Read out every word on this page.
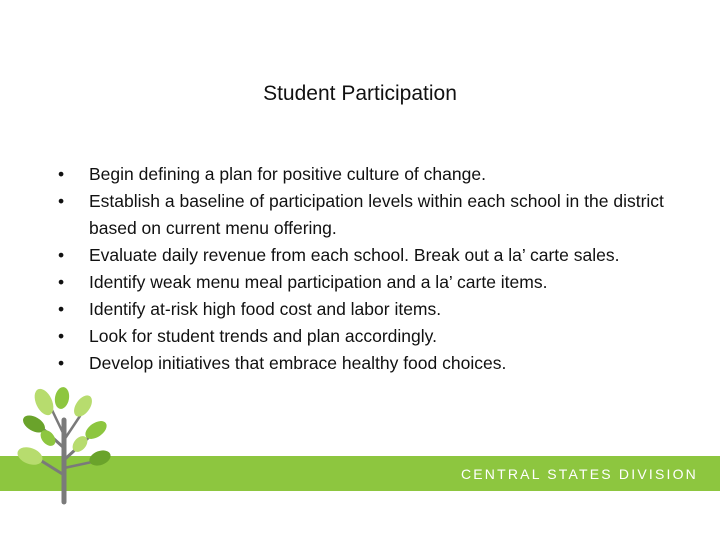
Student Participation
• Begin defining a plan for positive culture of change.
• Establish a baseline of participation levels within each school in the district based on current menu offering.
• Evaluate daily revenue from each school. Break out a la’ carte sales.
• Identify weak menu meal participation and a la’ carte items.
• Identify at-risk high food cost and labor items.
• Look for student trends and plan accordingly.
• Develop initiatives that embrace healthy food choices.
CENTRAL STATES DIVISION
